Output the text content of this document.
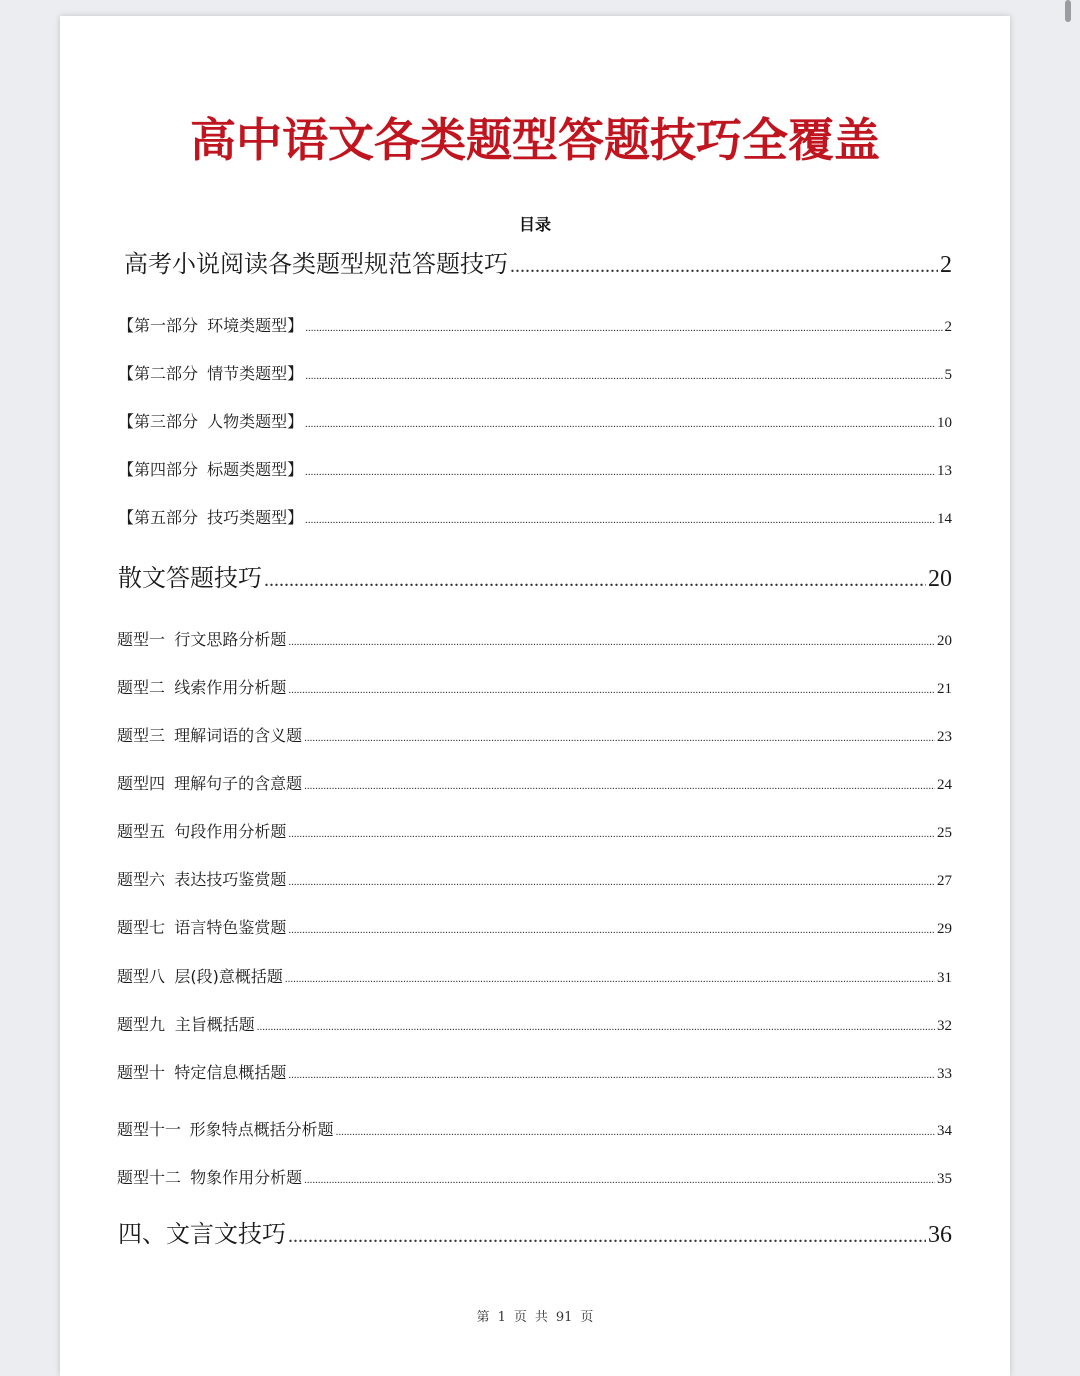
高中语文各类题型答题技巧全覆盖
目录
高考小说阅读各类题型规范答题技巧 .....	2
【第一部分 环境类题型】 .....	2
【第二部分 情节类题型】 .....	5
【第三部分 人物类题型】 .....	10
【第四部分 标题类题型】 .....	13
【第五部分 技巧类题型】 .....	14
散文答题技巧 .....	20
题型一 行文思路分析题 .....	20
题型二 线索作用分析题 .....	21
题型三 理解词语的含义题 .....	23
题型四 理解句子的含意题 .....	24
题型五 句段作用分析题 .....	25
题型六 表达技巧鉴赏题 .....	27
题型七 语言特色鉴赏题 .....	29
题型八 层(段)意概括题 .....	31
题型九 主旨概括题 .....	32
题型十 特定信息概括题 .....	33
题型十一 形象特点概括分析题 .....	34
题型十二 物象作用分析题 .....	35
四、文言文技巧 .....	36
第 1 页 共 91 页
